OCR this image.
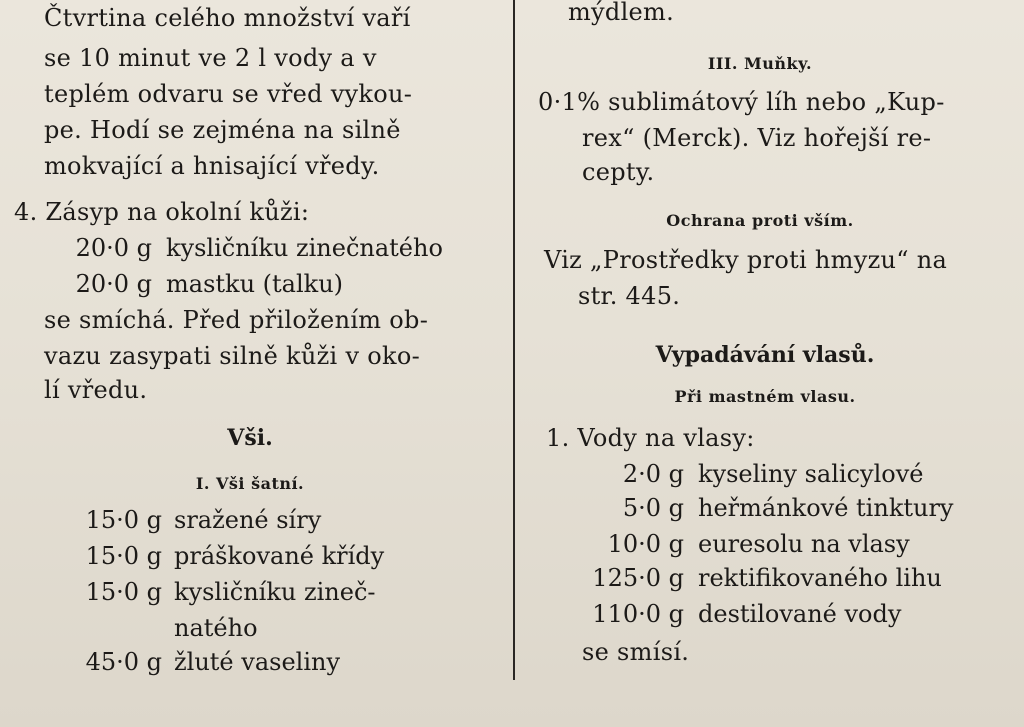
Čtvrtina celého množství vaří
se 10 minut ve 2 l vody a v
teplém odvaru se vřed vykou-
pe. Hodí se zejména na silně
mokvající a hnisající vředy.
4. Zásyp na okolní kůži:
20·0 g kysličníku zinečnatého
20·0 g mastku (talku)
se smíchá. Před přiložením ob-
vazu zasypati silně kůži v oko-
lí vředu.
Vši.
I. Vši šatní.
15·0 g sražené síry
15·0 g práškované křídy
15·0 g kysličníku zineč-
natého
45·0 g žluté vaseliny
mýdlem.
III. Muňky.
0·1% sublimátový líh nebo „Kup-
rex“ (Merck). Viz hořejší re-
cepty.
Ochrana proti vším.
Viz „Prostředky proti hmyzu“ na
str. 445.
Vypadávání vlasů.
Při mastném vlasu.
1. Vody na vlasy:
2·0 g kyseliny salicylové
5·0 g heřmánkové tinktury
10·0 g euresolu na vlasy
125·0 g rektifikovaného lihu
110·0 g destilované vody
se smísí.
